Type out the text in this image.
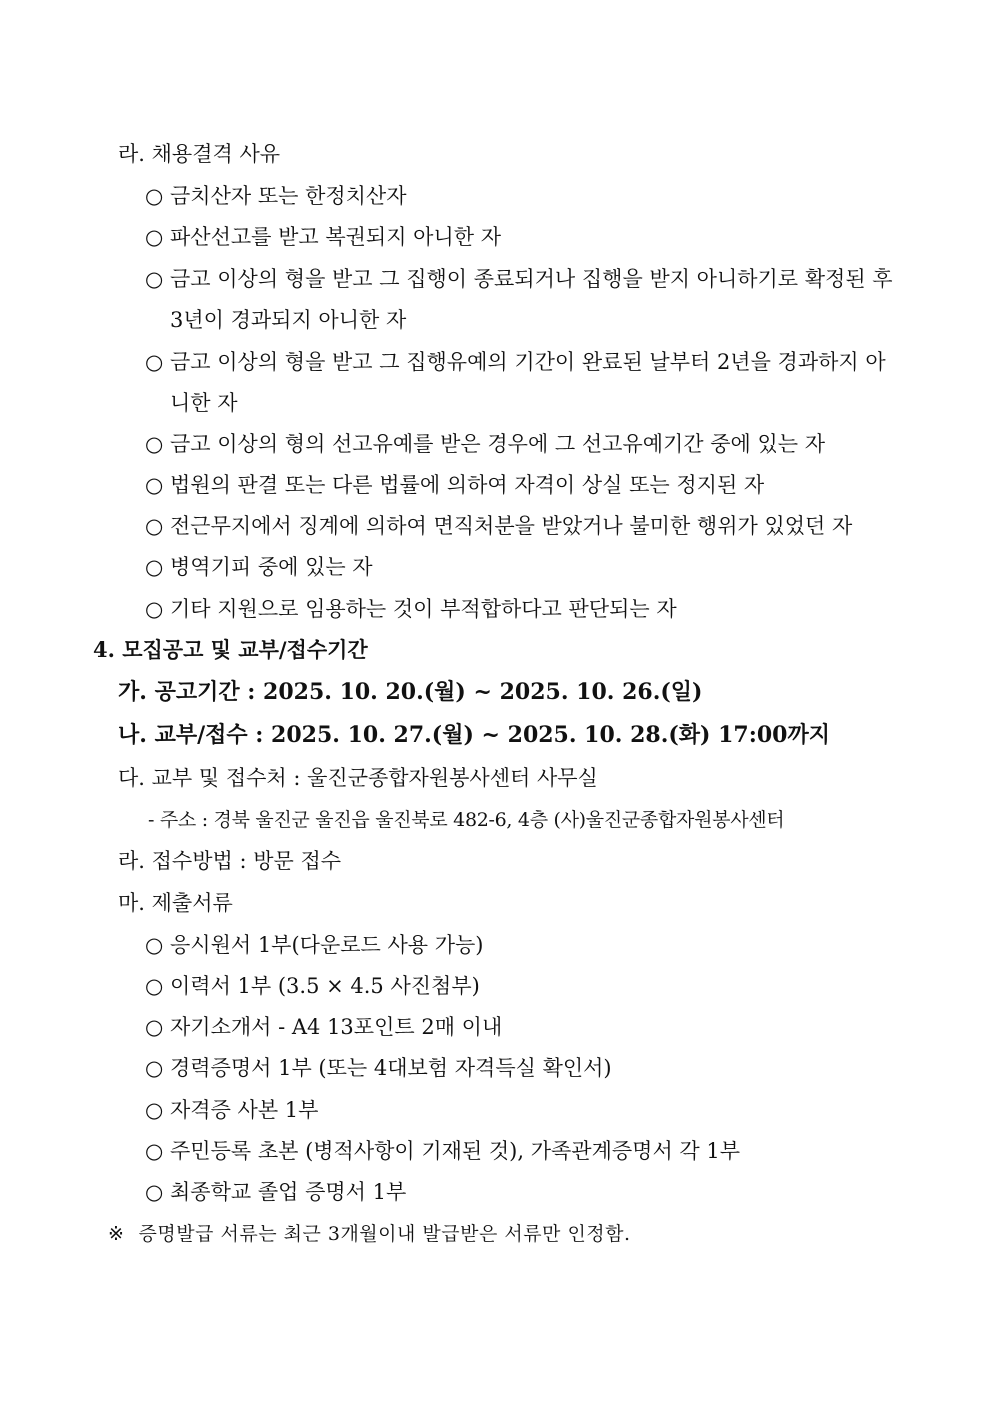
라. 채용결격 사유
○ 금치산자 또는 한정치산자
○ 파산선고를 받고 복권되지 아니한 자
○ 금고 이상의 형을 받고 그 집행이 종료되거나 집행을 받지 아니하기로 확정된 후
3년이 경과되지 아니한 자
○ 금고 이상의 형을 받고 그 집행유예의 기간이 완료된 날부터 2년을 경과하지 아
니한 자
○ 금고 이상의 형의 선고유예를 받은 경우에 그 선고유예기간 중에 있는 자
○ 법원의 판결 또는 다른 법률에 의하여 자격이 상실 또는 정지된 자
○ 전근무지에서 징계에 의하여 면직처분을 받았거나 불미한 행위가 있었던 자
○ 병역기피 중에 있는 자
○ 기타 지원으로 임용하는 것이 부적합하다고 판단되는 자
4. 모집공고 및 교부/접수기간
가. 공고기간 : 2025. 10. 20.(월) ~ 2025. 10. 26.(일)
나. 교부/접수 : 2025. 10. 27.(월) ~ 2025. 10. 28.(화) 17:00까지
다. 교부 및 접수처 : 울진군종합자원봉사센터 사무실
- 주소 : 경북 울진군 울진읍 울진북로 482-6, 4층 (사)울진군종합자원봉사센터
라. 접수방법 : 방문 접수
마. 제출서류
○ 응시원서 1부(다운로드 사용 가능)
○ 이력서 1부 (3.5 × 4.5 사진첨부)
○ 자기소개서 - A4 13포인트 2매 이내
○ 경력증명서 1부 (또는 4대보험 자격득실 확인서)
○ 자격증 사본 1부
○ 주민등록 초본 (병적사항이 기재된 것), 가족관계증명서 각 1부
○ 최종학교 졸업 증명서 1부
※ 증명발급 서류는 최근 3개월이내 발급받은 서류만 인정함.
